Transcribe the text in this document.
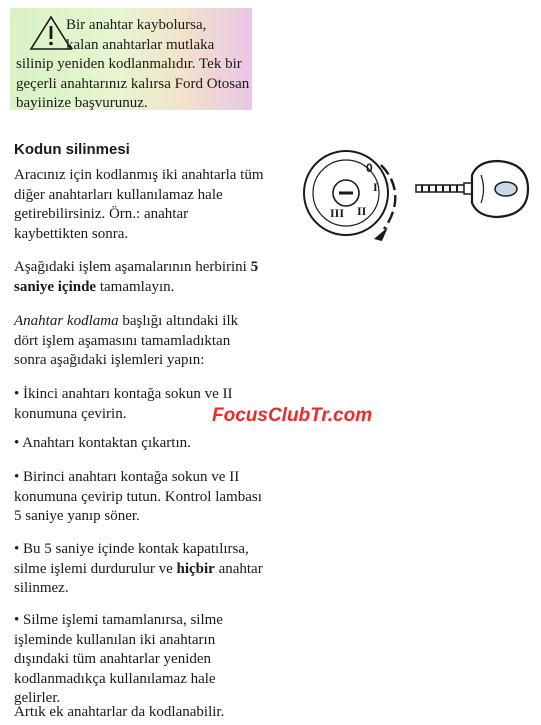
Bir anahtar kaybolursa,
kalan anahtarlar mutlaka
silinip yeniden kodlanmalıdır. Tek bir geçerli anahtarınız kalırsa Ford Otosan bayiinize başvurunuz.

Kodun silinmesi

Aracınız için kodlanmış iki anahtarla tüm diğer anahtarları kullanılamaz hale getirebilirsiniz. Örn.: anahtar kaybettikten sonra.

Aşağıdaki işlem aşamalarının herbirini 5 saniye içinde tamamlayın.

Anahtar kodlama başlığı altındaki ilk dört işlem aşamasını tamamladıktan sonra aşağıdaki işlemleri yapın:

• İkinci anahtarı kontağa sokun ve II konumuna çevirin.

• Anahtarı kontaktan çıkartın.

• Birinci anahtarı kontağa sokun ve II konumuna çevirip tutun. Kontrol lambası 5 saniye yanıp söner.

• Bu 5 saniye içinde kontak kapatılırsa, silme işlemi durdurulur ve hiçbir anahtar silinmez.

• Silme işlemi tamamlanırsa, silme işleminde kullanılan iki anahtarın dışındaki tüm anahtarlar yeniden kodlanmadıkça kullanılamaz hale gelirler.

Artık ek anahtarlar da kodlanabilir.

FocusClubTr.com

0
I
II
III
